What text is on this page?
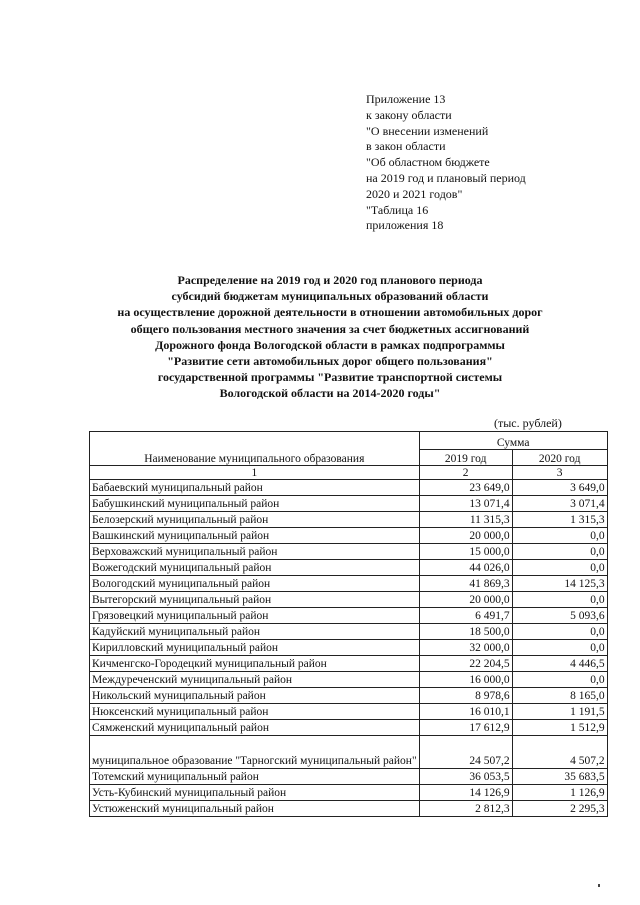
Приложение 13
к закону области
"О внесении изменений
в закон области
"Об областном бюджете
на 2019 год и плановый период
2020 и 2021 годов"
"Таблица 16
приложения 18
Распределение на 2019 год и 2020 год планового периода
субсидий бюджетам муниципальных образований области
на осуществление дорожной деятельности в отношении автомобильных дорог
общего пользования местного значения за счет бюджетных ассигнований
Дорожного фонда Вологодской области в рамках подпрограммы
"Развитие сети автомобильных дорог общего пользования"
государственной программы "Развитие транспортной системы
Вологодской области на 2014-2020 годы"
(тыс. рублей)
Наименование муниципального образования	Сумма	
	2019 год	2020 год
1	2	3
Бабаевский муниципальный район	23 649,0	3 649,0
Бабушкинский муниципальный район	13 071,4	3 071,4
Белозерский муниципальный район	11 315,3	1 315,3
Вашкинский муниципальный район	20 000,0	0,0
Верховажский муниципальный район	15 000,0	0,0
Вожегодский муниципальный район	44 026,0	0,0
Вологодский муниципальный район	41 869,3	14 125,3
Вытегорский муниципальный район	20 000,0	0,0
Грязовецкий муниципальный район	6 491,7	5 093,6
Кадуйский муниципальный район	18 500,0	0,0
Кирилловский муниципальный район	32 000,0	0,0
Кичменгско-Городецкий муниципальный район	22 204,5	4 446,5
Междуреченский муниципальный район	16 000,0	0,0
Никольский муниципальный район	8 978,6	8 165,0
Нюксенский муниципальный район	16 010,1	1 191,5
Сямженский муниципальный район	17 612,9	1 512,9
муниципальное образование "Тарногский муниципальный район"	24 507,2	4 507,2
Тотемский муниципальный район	36 053,5	35 683,5
Усть-Кубинский муниципальный район	14 126,9	1 126,9
Устюженский муниципальный район	2 812,3	2 295,3
